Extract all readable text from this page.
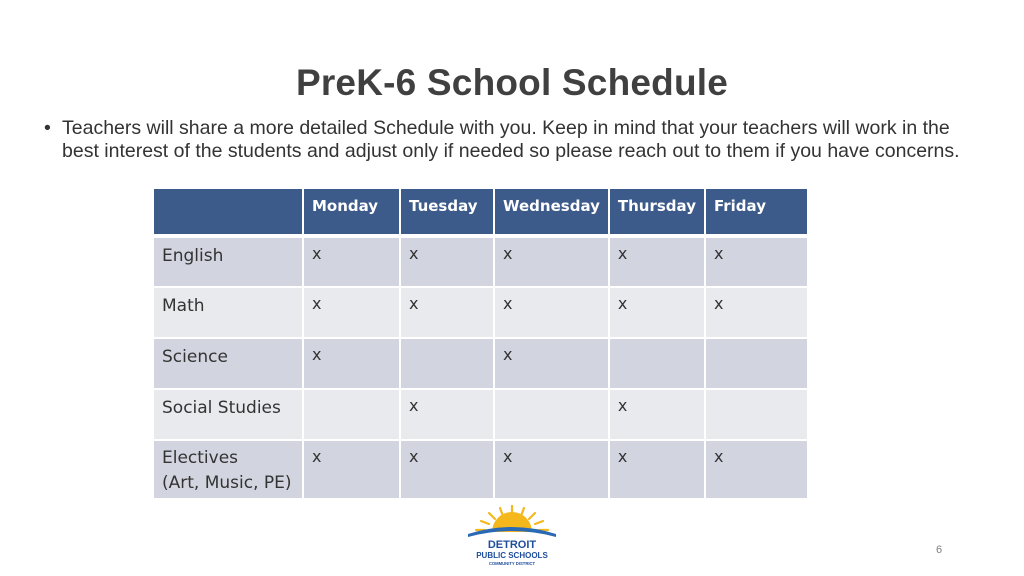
PreK-6 School Schedule
• Teachers will share a more detailed Schedule with you. Keep in mind that your teachers will work in the best interest of the students and adjust only if needed so please reach out to them if you have concerns.
	Monday	Tuesday	Wednesday	Thursday	Friday
English	x	x	x	x	x
Math	x	x	x	x	x
Science	x		x		
Social Studies		x		x	
Electives
(Art, Music, PE)	x	x	x	x	x
DETROIT
PUBLIC SCHOOLS
COMMUNITY DISTRICT
6
